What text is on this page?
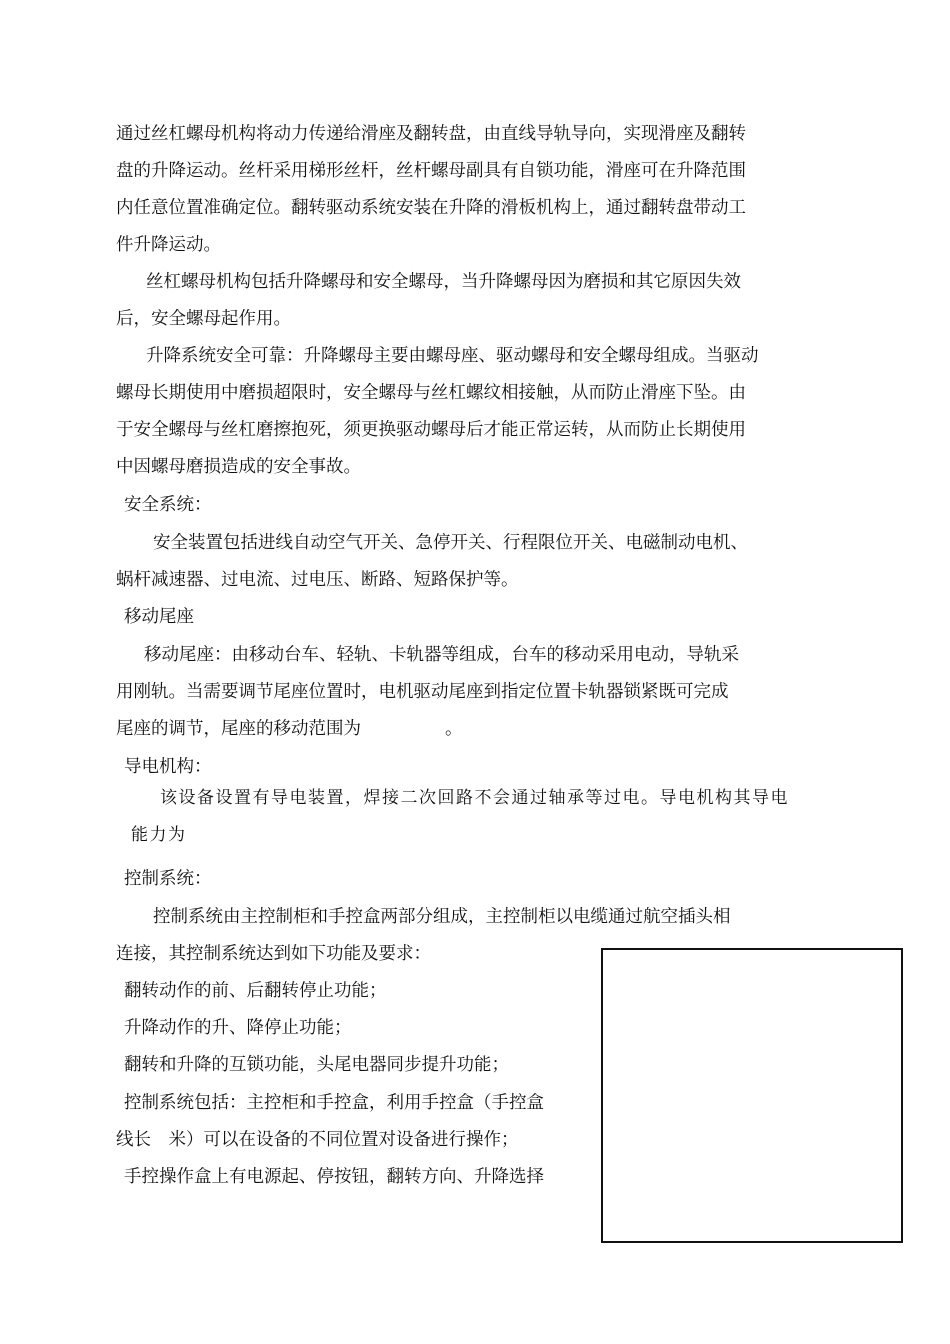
通过丝杠螺母机构将动力传递给滑座及翻转盘，由直线导轨导向，实现滑座及翻转
盘的升降运动。丝杆采用梯形丝杆，丝杆螺母副具有自锁功能，滑座可在升降范围
内任意位置准确定位。翻转驱动系统安装在升降的滑板机构上，通过翻转盘带动工
件升降运动。
丝杠螺母机构包括升降螺母和安全螺母，当升降螺母因为磨损和其它原因失效
后，安全螺母起作用。
升降系统安全可靠：升降螺母主要由螺母座、驱动螺母和安全螺母组成。当驱动
螺母长期使用中磨损超限时，安全螺母与丝杠螺纹相接触，从而防止滑座下坠。由
于安全螺母与丝杠磨擦抱死，须更换驱动螺母后才能正常运转，从而防止长期使用
中因螺母磨损造成的安全事故。
安全系统：
安全装置包括进线自动空气开关、急停开关、行程限位开关、电磁制动电机、
蜗杆减速器、过电流、过电压、断路、短路保护等。
移动尾座
移动尾座：由移动台车、轻轨、卡轨器等组成，台车的移动采用电动，导轨采
用刚轨。当需要调节尾座位置时，电机驱动尾座到指定位置卡轨器锁紧既可完成
尾座的调节，尾座的移动范围为	。
导电机构：
该设备设置有导电装置，焊接二次回路不会通过轴承等过电。导电机构其导电
能力为
控制系统：
控制系统由主控制柜和手控盒两部分组成，主控制柜以电缆通过航空插头相
连接，其控制系统达到如下功能及要求：
翻转动作的前、后翻转停止功能；
升降动作的升、降停止功能；
翻转和升降的互锁功能，头尾电器同步提升功能；
控制系统包括：主控柜和手控盒，利用手控盒（手控盒
线长　米）可以在设备的不同位置对设备进行操作；
手控操作盒上有电源起、停按钮，翻转方向、升降选择
